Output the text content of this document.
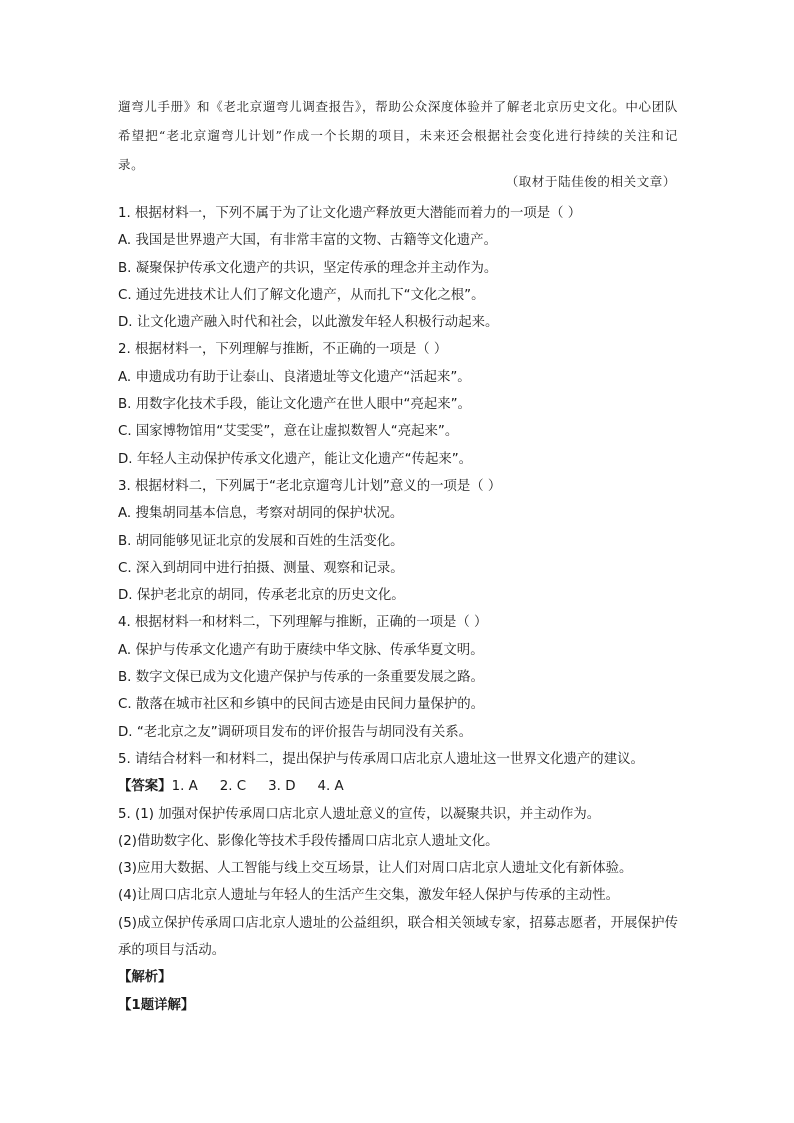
遛弯儿手册》和《老北京遛弯儿调查报告》，帮助公众深度体验并了解老北京历史文化。中心团队希望把“老北京遛弯儿计划”作成一个长期的项目，未来还会根据社会变化进行持续的关注和记录。
（取材于陆佳俊的相关文章）
1. 根据材料一，下列不属于为了让文化遗产释放更大潜能而着力的一项是（ ）
A. 我国是世界遗产大国，有非常丰富的文物、古籍等文化遗产。
B. 凝聚保护传承文化遗产的共识，坚定传承的理念并主动作为。
C. 通过先进技术让人们了解文化遗产，从而扎下“文化之根”。
D. 让文化遗产融入时代和社会，以此激发年轻人积极行动起来。
2. 根据材料一，下列理解与推断，不正确的一项是（ ）
A. 申遗成功有助于让泰山、良渚遗址等文化遗产“活起来”。
B. 用数字化技术手段，能让文化遗产在世人眼中“亮起来”。
C. 国家博物馆用“艾雯雯”，意在让虚拟数智人“亮起来”。
D. 年轻人主动保护传承文化遗产，能让文化遗产“传起来”。
3. 根据材料二，下列属于“老北京遛弯儿计划”意义的一项是（ ）
A. 搜集胡同基本信息，考察对胡同的保护状况。
B. 胡同能够见证北京的发展和百姓的生活变化。
C. 深入到胡同中进行拍摄、测量、观察和记录。
D. 保护老北京的胡同，传承老北京的历史文化。
4. 根据材料一和材料二，下列理解与推断，正确的一项是（ ）
A. 保护与传承文化遗产有助于赓续中华文脉、传承华夏文明。
B. 数字文保已成为文化遗产保护与传承的一条重要发展之路。
C. 散落在城市社区和乡镇中的民间古迹是由民间力量保护的。
D. “老北京之友”调研项目发布的评价报告与胡同没有关系。
5. 请结合材料一和材料二，提出保护与传承周口店北京人遗址这一世界文化遗产的建议。
【答案】1. A 2. C 3. D 4. A
5. (1) 加强对保护传承周口店北京人遗址意义的宣传，以凝聚共识，并主动作为。
(2)借助数字化、影像化等技术手段传播周口店北京人遗址文化。
(3)应用大数据、人工智能与线上交互场景，让人们对周口店北京人遗址文化有新体验。
(4)让周口店北京人遗址与年轻人的生活产生交集，激发年轻人保护与传承的主动性。
(5)成立保护传承周口店北京人遗址的公益组织，联合相关领域专家，招募志愿者，开展保护传承的项目与活动。
【解析】
【1题详解】
